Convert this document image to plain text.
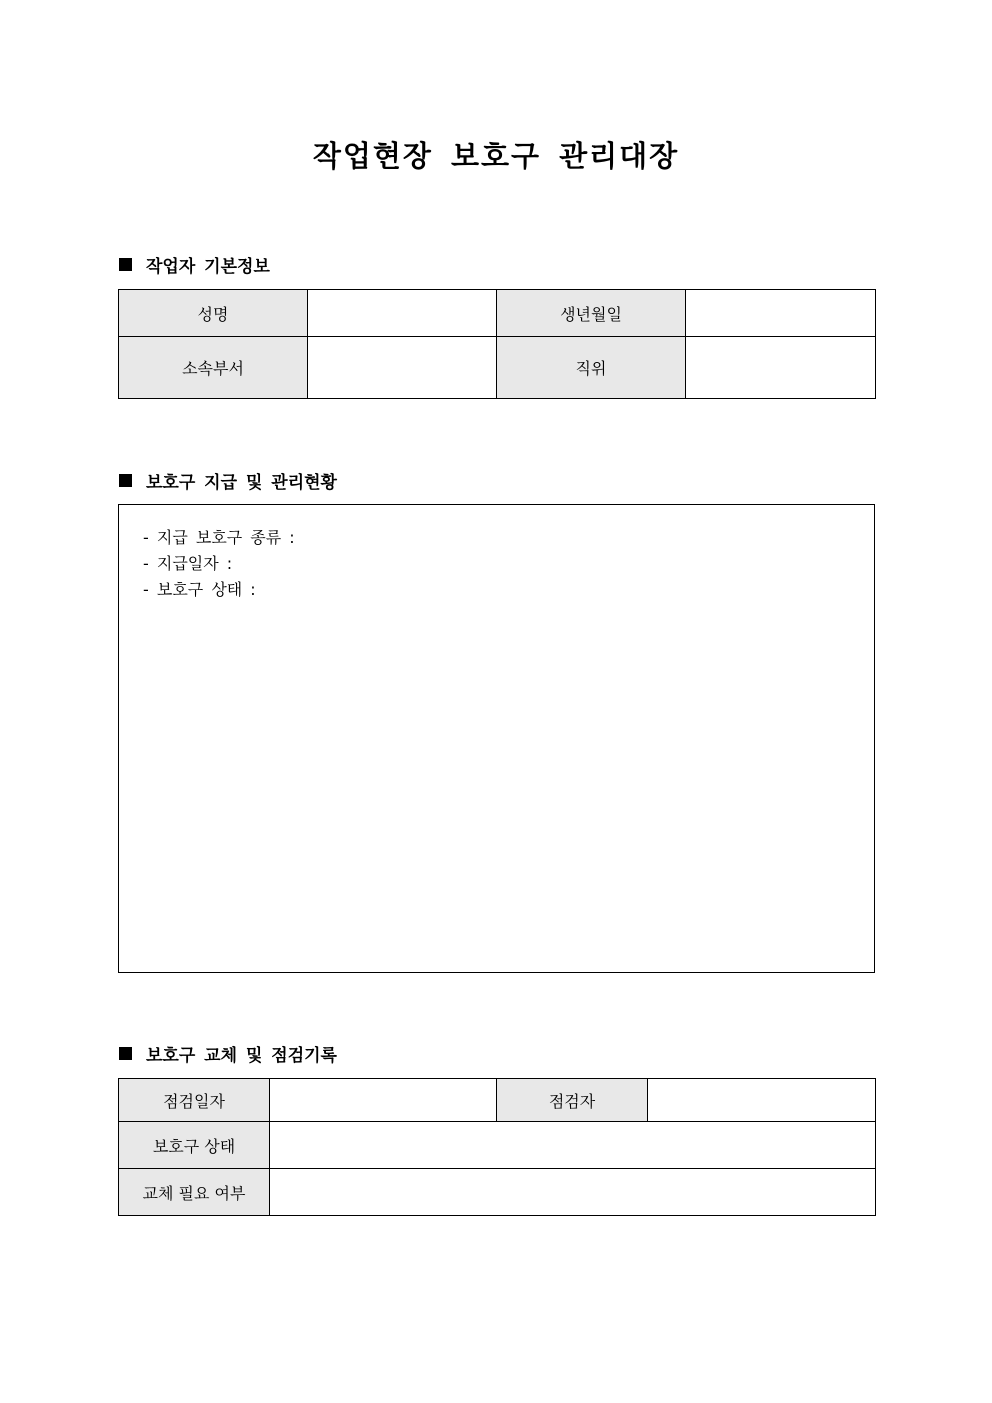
작업현장 보호구 관리대장
작업자 기본정보
성명		생년월일	
소속부서		직위	
보호구 지급 및 관리현황
- 지급 보호구 종류 :
- 지급일자 :
- 보호구 상태 :
보호구 교체 및 점검기록
점검일자		점검자	
보호구 상태			
교체 필요 여부			
